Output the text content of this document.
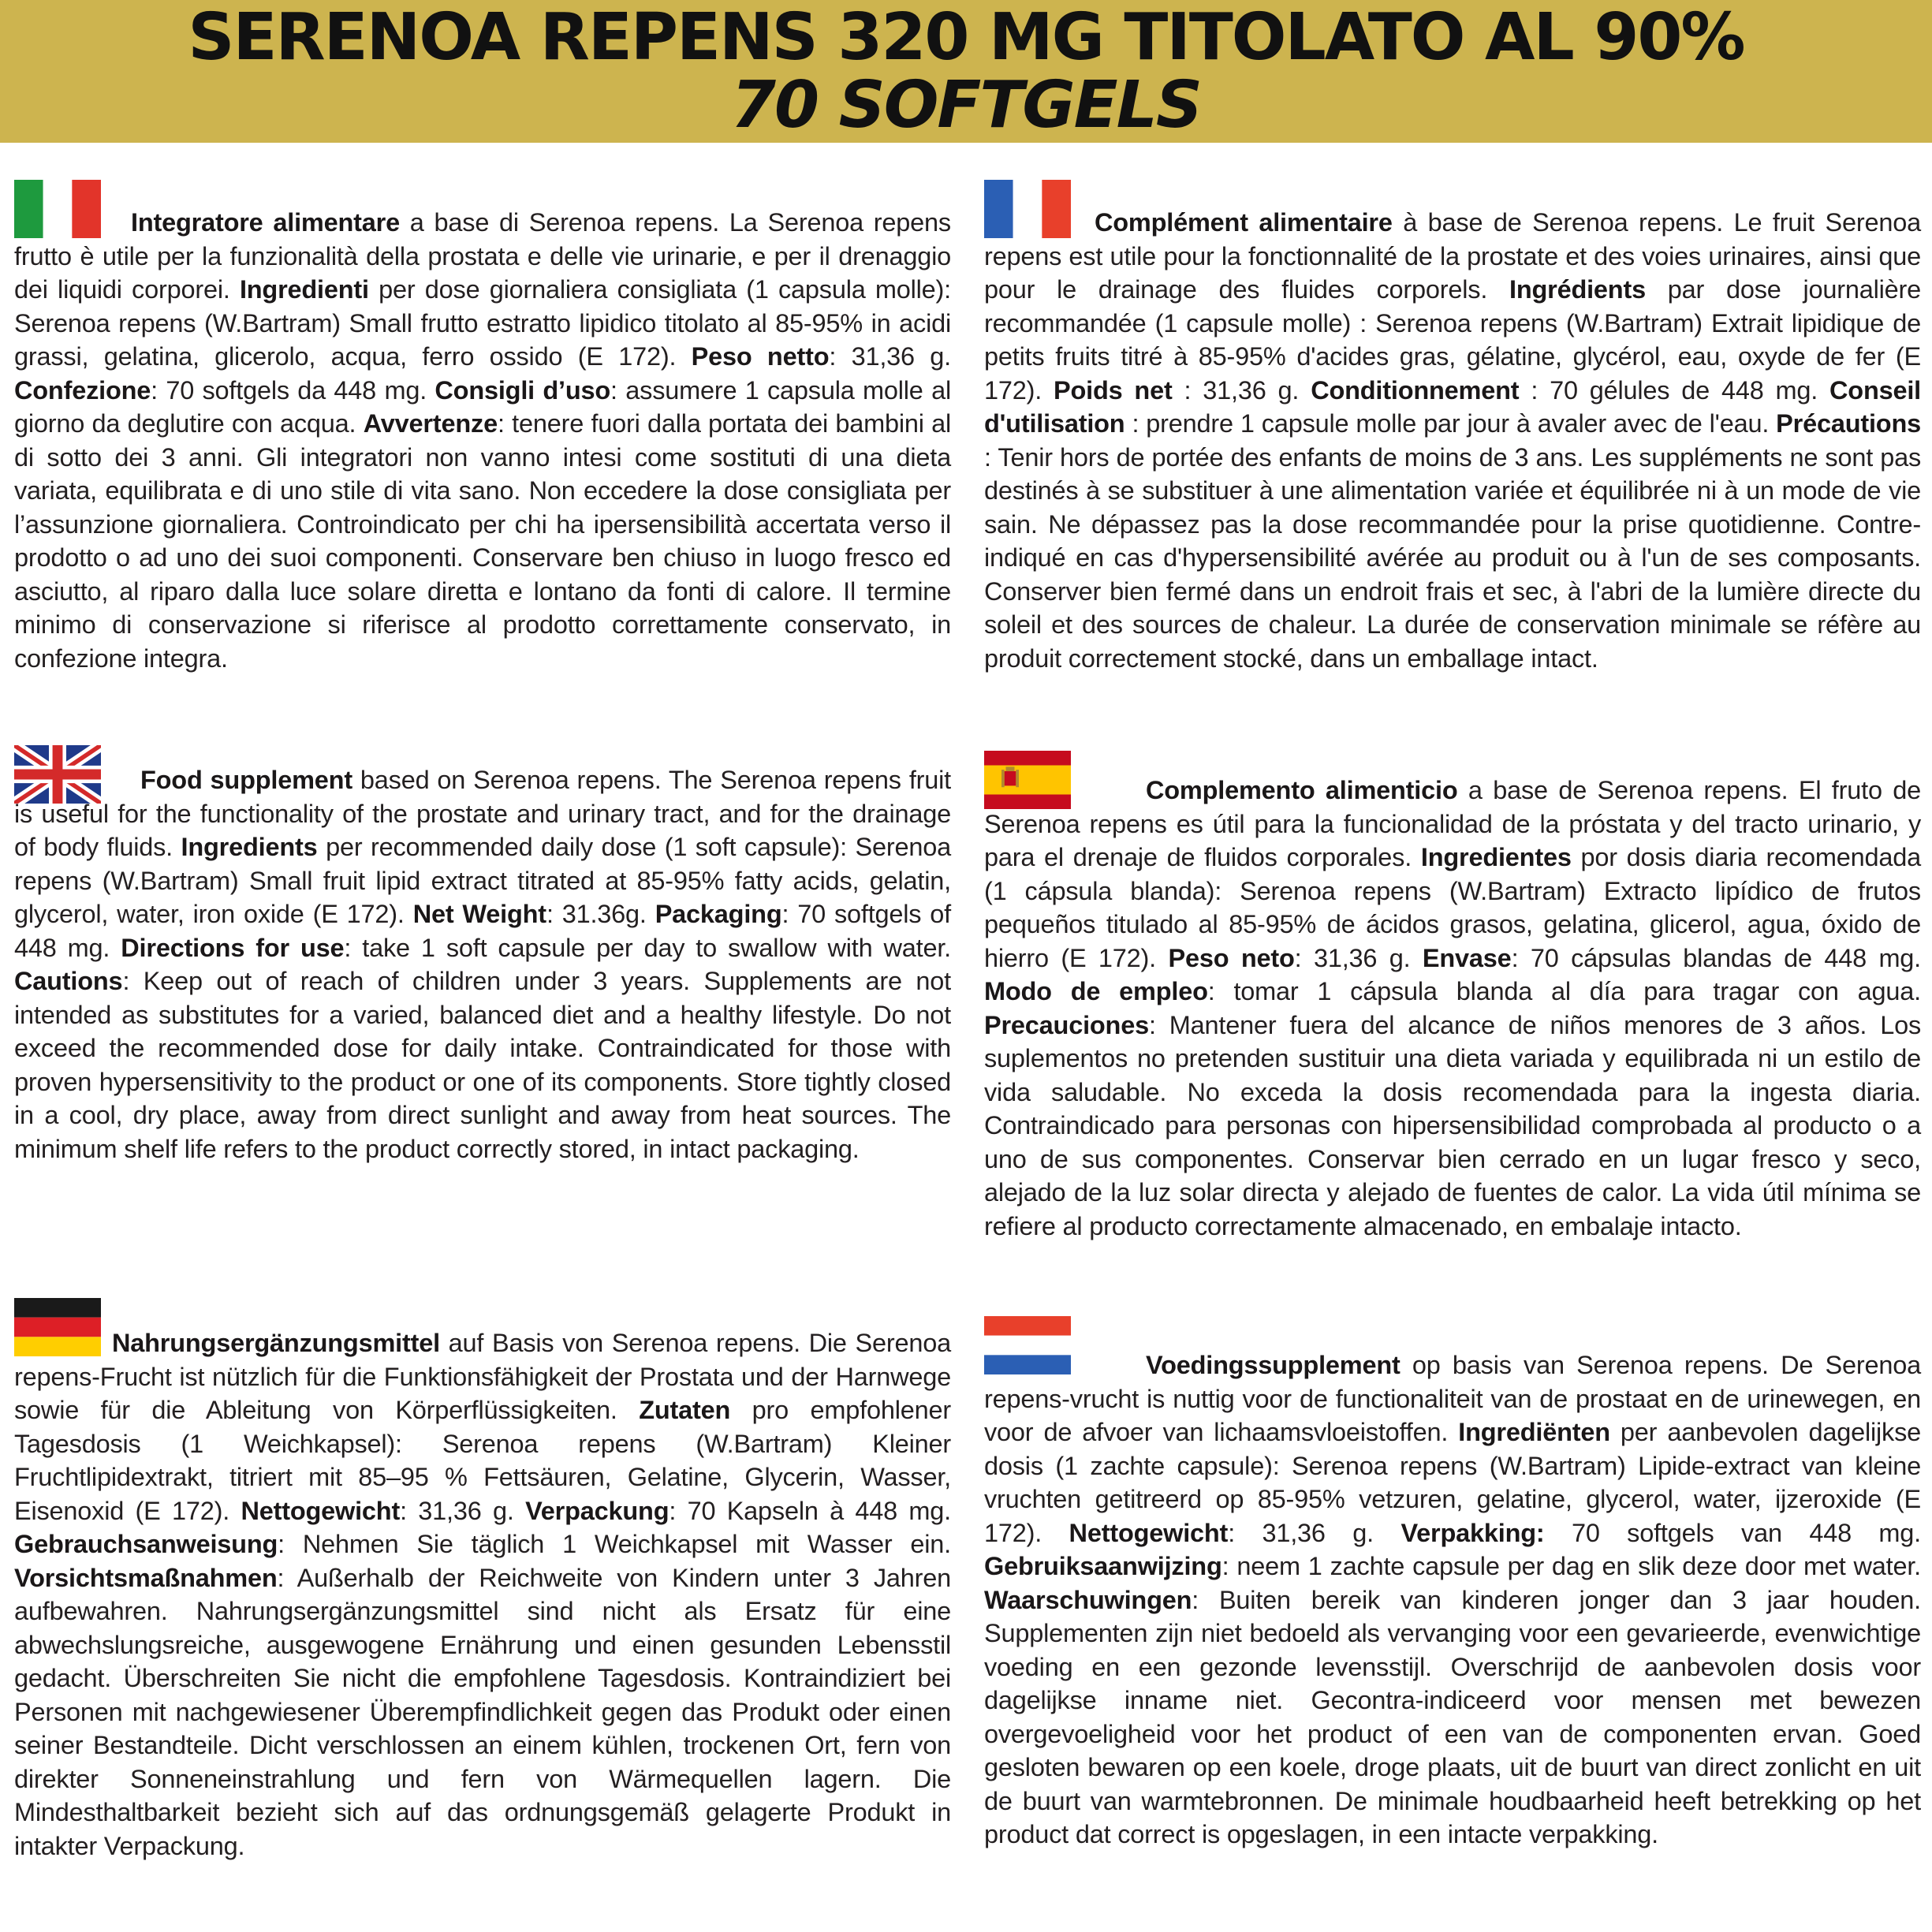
SERENOA REPENS 320 MG TITOLATO AL 90%
70 SOFTGELS

Integratore alimentare a base di Serenoa repens. La Serenoa repens frutto è utile per la funzionalità della prostata e delle vie urinarie, e per il drenaggio dei liquidi corporei. Ingredienti per dose giornaliera consigliata (1 capsula molle): Serenoa repens (W.Bartram) Small frutto estratto lipidico titolato al 85-95% in acidi grassi, gelatina, glicerolo, acqua, ferro ossido (E 172). Peso netto: 31,36 g. Confezione: 70 softgels da 448 mg. Consigli d’uso: assumere 1 capsula molle al giorno da deglutire con acqua. Avvertenze: tenere fuori dalla portata dei bambini al di sotto dei 3 anni. Gli integratori non vanno intesi come sostituti di una dieta variata, equilibrata e di uno stile di vita sano. Non eccedere la dose consigliata per l’assunzione giornaliera. Controindicato per chi ha ipersensibilità accertata verso il prodotto o ad uno dei suoi componenti. Conservare ben chiuso in luogo fresco ed asciutto, al riparo dalla luce solare diretta e lontano da fonti di calore. Il termine minimo di conservazione si riferisce al prodotto correttamente conservato, in confezione integra.

Complément alimentaire à base de Serenoa repens. Le fruit Serenoa repens est utile pour la fonctionnalité de la prostate et des voies urinaires, ainsi que pour le drainage des fluides corporels. Ingrédients par dose journalière recommandée (1 capsule molle) : Serenoa repens (W.Bartram) Extrait lipidique de petits fruits titré à 85-95% d'acides gras, gélatine, glycérol, eau, oxyde de fer (E 172). Poids net : 31,36 g. Conditionnement : 70 gélules de 448 mg. Conseil d'utilisation : prendre 1 capsule molle par jour à avaler avec de l'eau. Précautions : Tenir hors de portée des enfants de moins de 3 ans. Les suppléments ne sont pas destinés à se substituer à une alimentation variée et équilibrée ni à un mode de vie sain. Ne dépassez pas la dose recommandée pour la prise quotidienne. Contre-indiqué en cas d'hypersensibilité avérée au produit ou à l'un de ses composants. Conserver bien fermé dans un endroit frais et sec, à l'abri de la lumière directe du soleil et des sources de chaleur. La durée de conservation minimale se réfère au produit correctement stocké, dans un emballage intact.

Food supplement based on Serenoa repens. The Serenoa repens fruit is useful for the functionality of the prostate and urinary tract, and for the drainage of body fluids. Ingredients per recommended daily dose (1 soft capsule): Serenoa repens (W.Bartram) Small fruit lipid extract titrated at 85-95% fatty acids, gelatin, glycerol, water, iron oxide (E 172). Net Weight: 31.36g. Packaging: 70 softgels of 448 mg. Directions for use: take 1 soft capsule per day to swallow with water. Cautions: Keep out of reach of children under 3 years. Supplements are not intended as substitutes for a varied, balanced diet and a healthy lifestyle. Do not exceed the recommended dose for daily intake. Contraindicated for those with proven hypersensitivity to the product or one of its components. Store tightly closed in a cool, dry place, away from direct sunlight and away from heat sources. The minimum shelf life refers to the product correctly stored, in intact packaging.

Complemento alimenticio a base de Serenoa repens. El fruto de Serenoa repens es útil para la funcionalidad de la próstata y del tracto urinario, y para el drenaje de fluidos corporales. Ingredientes por dosis diaria recomendada (1 cápsula blanda): Serenoa repens (W.Bartram) Extracto lipídico de frutos pequeños titulado al 85-95% de ácidos grasos, gelatina, glicerol, agua, óxido de hierro (E 172). Peso neto: 31,36 g. Envase: 70 cápsulas blandas de 448 mg. Modo de empleo: tomar 1 cápsula blanda al día para tragar con agua. Precauciones: Mantener fuera del alcance de niños menores de 3 años. Los suplementos no pretenden sustituir una dieta variada y equilibrada ni un estilo de vida saludable. No exceda la dosis recomendada para la ingesta diaria. Contraindicado para personas con hipersensibilidad comprobada al producto o a uno de sus componentes. Conservar bien cerrado en un lugar fresco y seco, alejado de la luz solar directa y alejado de fuentes de calor. La vida útil mínima se refiere al producto correctamente almacenado, en embalaje intacto.

Nahrungsergänzungsmittel auf Basis von Serenoa repens. Die Serenoa repens-Frucht ist nützlich für die Funktionsfähigkeit der Prostata und der Harnwege sowie für die Ableitung von Körperflüssigkeiten. Zutaten pro empfohlener Tagesdosis (1 Weichkapsel): Serenoa repens (W.Bartram) Kleiner Fruchtlipidextrakt, titriert mit 85–95 % Fettsäuren, Gelatine, Glycerin, Wasser, Eisenoxid (E 172). Nettogewicht: 31,36 g. Verpackung: 70 Kapseln à 448 mg. Gebrauchsanweisung: Nehmen Sie täglich 1 Weichkapsel mit Wasser ein. Vorsichtsmaßnahmen: Außerhalb der Reichweite von Kindern unter 3 Jahren aufbewahren. Nahrungsergänzungsmittel sind nicht als Ersatz für eine abwechslungsreiche, ausgewogene Ernährung und einen gesunden Lebensstil gedacht. Überschreiten Sie nicht die empfohlene Tagesdosis. Kontraindiziert bei Personen mit nachgewiesener Überempfindlichkeit gegen das Produkt oder einen seiner Bestandteile. Dicht verschlossen an einem kühlen, trockenen Ort, fern von direkter Sonneneinstrahlung und fern von Wärmequellen lagern. Die Mindesthaltbarkeit bezieht sich auf das ordnungsgemäß gelagerte Produkt in intakter Verpackung.

Voedingssupplement op basis van Serenoa repens. De Serenoa repens-vrucht is nuttig voor de functionaliteit van de prostaat en de urinewegen, en voor de afvoer van lichaamsvloeistoffen. Ingrediënten per aanbevolen dagelijkse dosis (1 zachte capsule): Serenoa repens (W.Bartram) Lipide-extract van kleine vruchten getitreerd op 85-95% vetzuren, gelatine, glycerol, water, ijzeroxide (E 172). Nettogewicht: 31,36 g. Verpakking: 70 softgels van 448 mg. Gebruiksaanwijzing: neem 1 zachte capsule per dag en slik deze door met water. Waarschuwingen: Buiten bereik van kinderen jonger dan 3 jaar houden. Supplementen zijn niet bedoeld als vervanging voor een gevarieerde, evenwichtige voeding en een gezonde levensstijl. Overschrijd de aanbevolen dosis voor dagelijkse inname niet. Gecontra-indiceerd voor mensen met bewezen overgevoeligheid voor het product of een van de componenten ervan. Goed gesloten bewaren op een koele, droge plaats, uit de buurt van direct zonlicht en uit de buurt van warmtebronnen. De minimale houdbaarheid heeft betrekking op het product dat correct is opgeslagen, in een intacte verpakking.
